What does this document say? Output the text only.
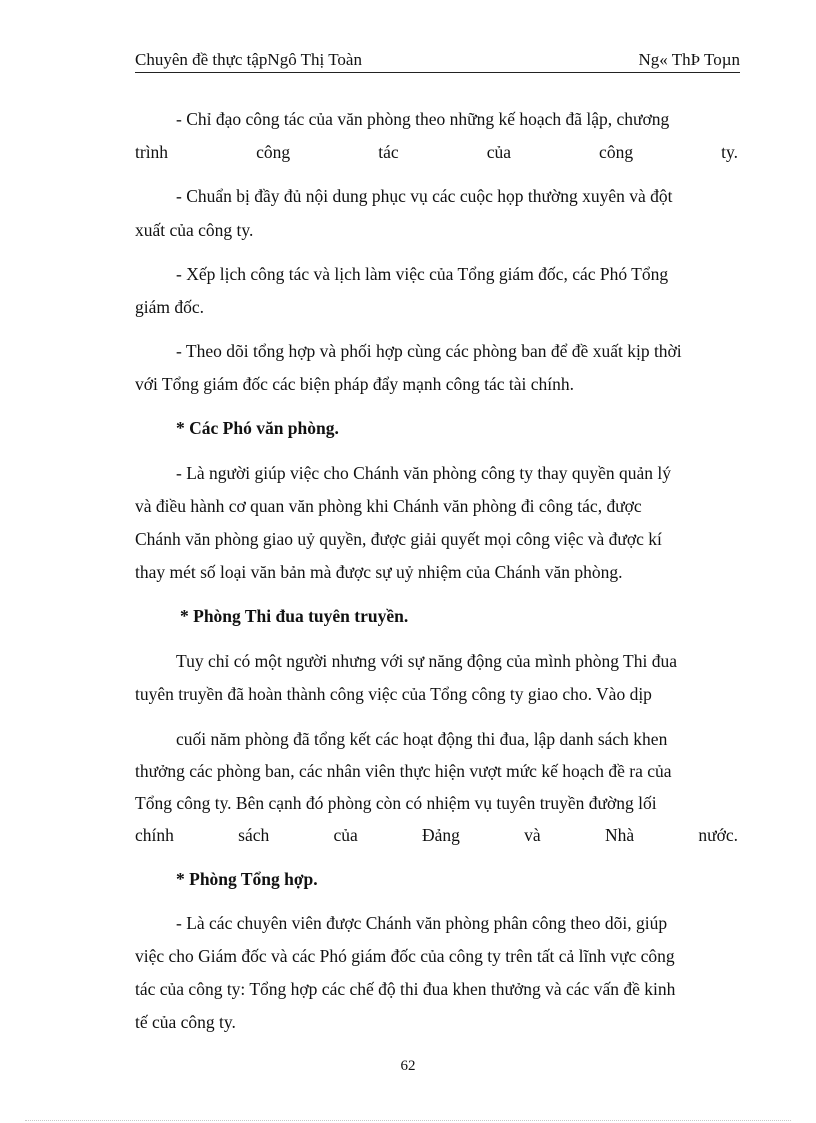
Chuyên đề thực tậpNgô Thị Toàn	Ng« ThÞ Toµn
- Chỉ đạo công tác của văn phòng theo những kế hoạch đã lập, chương
trình công tác của công ty.
- Chuẩn bị đầy đủ nội dung phục vụ các cuộc họp thường xuyên và đột
xuất của công ty.
- Xếp lịch công tác và lịch làm việc của Tổng giám đốc, các Phó Tổng
giám đốc.
- Theo dõi tổng hợp và phối hợp cùng các phòng ban để đề xuất kịp thời
với Tổng giám đốc các biện pháp đẩy mạnh công tác tài chính.
* Các Phó văn phòng.
- Là người giúp việc cho Chánh văn phòng công ty thay quyền quản lý
và điều hành cơ quan văn phòng khi Chánh văn phòng đi công tác, được
Chánh văn phòng giao uỷ quyền, được giải quyết mọi công việc và được kí
thay mét số loại văn bản mà được sự uỷ nhiệm của Chánh văn phòng.
* Phòng Thi đua tuyên truyền.
Tuy chỉ có một người nhưng với sự năng động của mình phòng Thi đua
tuyên truyền đã hoàn thành công việc của Tổng công ty giao cho. Vào dịp
cuối năm phòng đã tổng kết các hoạt động thi đua, lập danh sách khen
thưởng các phòng ban, các nhân viên thực hiện vượt mức kế hoạch đề ra của
Tổng công ty. Bên cạnh đó phòng còn có nhiệm vụ tuyên truyền đường lối
chính sách của Đảng và Nhà nước.
* Phòng Tổng hợp.
- Là các chuyên viên được Chánh văn phòng phân công theo dõi, giúp
việc cho Giám đốc và các Phó giám đốc của công ty trên tất cả lĩnh vực công
tác của công ty: Tổng hợp các chế độ thi đua khen thưởng và các vấn đề kinh
tế của công ty.
62
